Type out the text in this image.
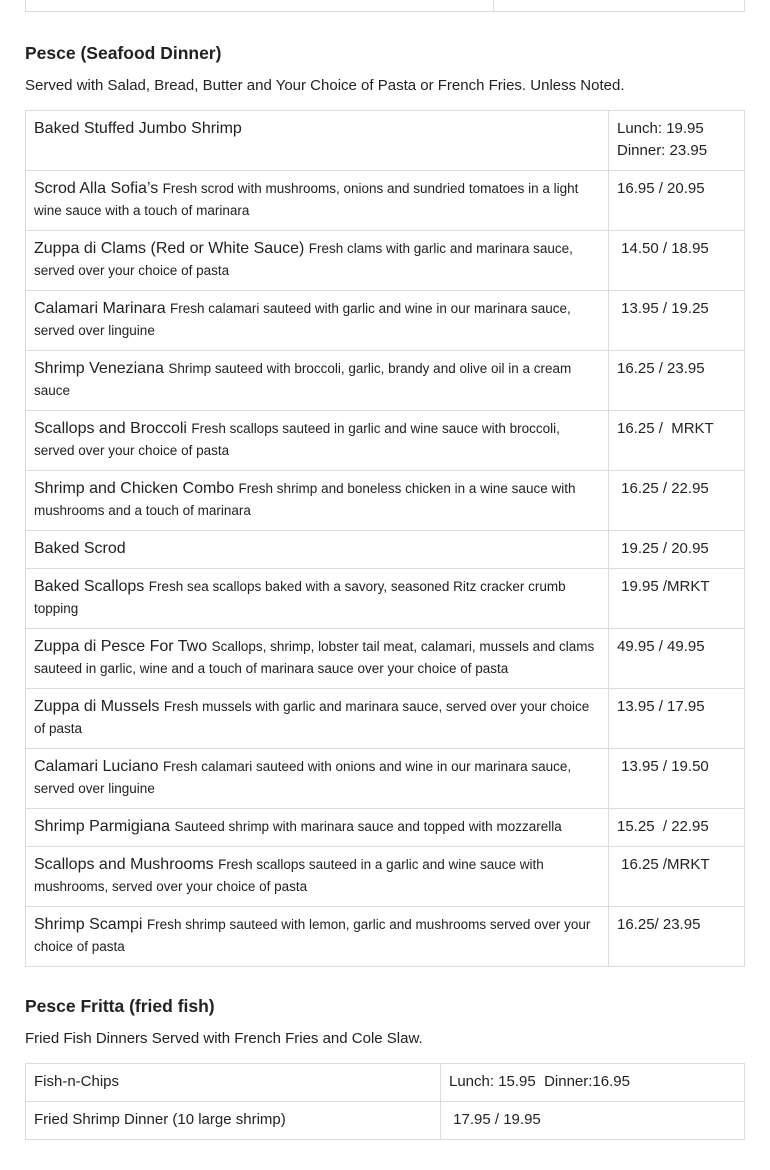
Pesce (Seafood Dinner)

Served with Salad, Bread, Butter and Your Choice of Pasta or French Fries. Unless Noted.

Baked Stuffed Jumbo Shrimp	Lunch: 19.95
Dinner: 23.95

Scrod Alla Sofia’s Fresh scrod with mushrooms, onions and sundried tomatoes in a light wine sauce with a touch of marinara	16.95 / 20.95
Zuppa di Clams (Red or White Sauce) Fresh clams with garlic and marinara sauce, served over your choice of pasta	14.50 / 18.95
Calamari Marinara Fresh calamari sauteed with garlic and wine in our marinara sauce, served over linguine	13.95 / 19.25
Shrimp Veneziana Shrimp sauteed with broccoli, garlic, brandy and olive oil in a cream sauce	16.25 / 23.95
Scallops and Broccoli Fresh scallops sauteed in garlic and wine sauce with broccoli, served over your choice of pasta	16.25 /  MRKT
Shrimp and Chicken Combo Fresh shrimp and boneless chicken in a wine sauce with mushrooms and a touch of marinara	16.25 / 22.95
Baked Scrod	19.25 / 20.95
Baked Scallops Fresh sea scallops baked with a savory, seasoned Ritz cracker crumb topping	19.95 /MRKT
Zuppa di Pesce For Two Scallops, shrimp, lobster tail meat, calamari, mussels and clams sauteed in garlic, wine and a touch of marinara sauce over your choice of pasta	49.95 / 49.95
Zuppa di Mussels Fresh mussels with garlic and marinara sauce, served over your choice of pasta	13.95 / 17.95
Calamari Luciano Fresh calamari sauteed with onions and wine in our marinara sauce, served over linguine	13.95 / 19.50
Shrimp Parmigiana Sauteed shrimp with marinara sauce and topped with mozzarella	15.25  / 22.95
Scallops and Mushrooms Fresh scallops sauteed in a garlic and wine sauce with mushrooms, served over your choice of pasta	16.25 /MRKT
Shrimp Scampi Fresh shrimp sauteed with lemon, garlic and mushrooms served over your choice of pasta	16.25/ 23.95
Pesce Fritta (fried fish)

Fried Fish Dinners Served with French Fries and Cole Slaw.

Fish-n-Chips	Lunch: 15.95  Dinner:16.95
Fried Shrimp Dinner (10 large shrimp)	17.95 / 19.95
